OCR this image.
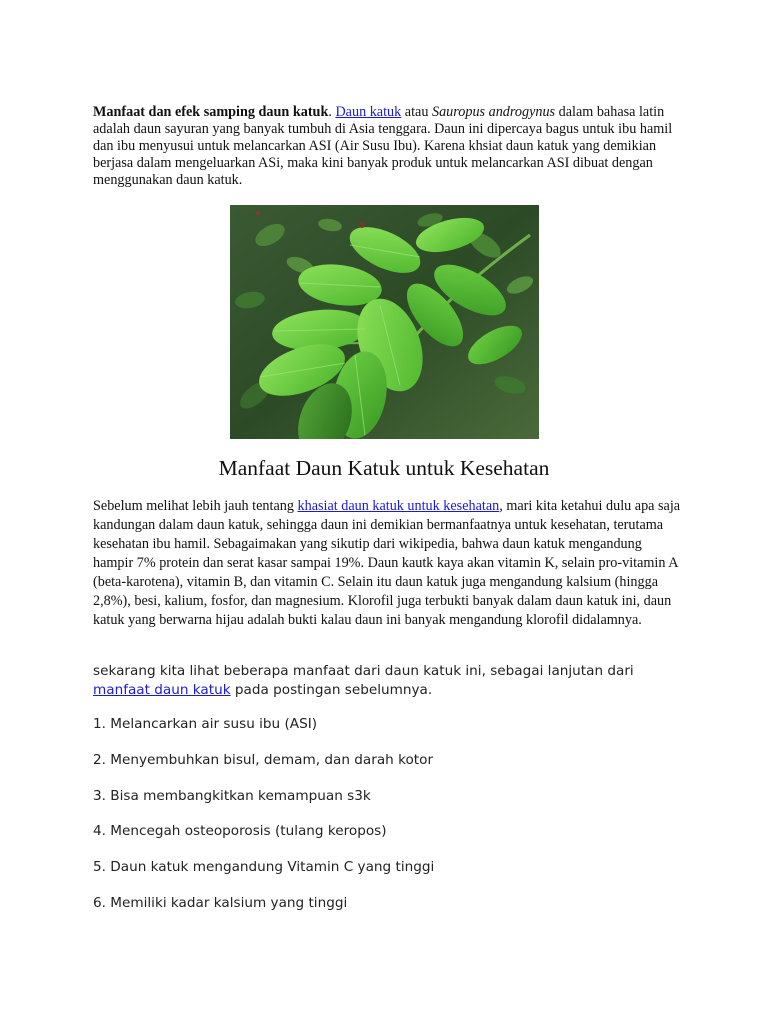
Manfaat dan efek samping daun katuk. Daun katuk atau Sauropus androgynus dalam bahasa latin adalah daun sayuran yang banyak tumbuh di Asia tenggara. Daun ini dipercaya bagus untuk ibu hamil dan ibu menyusui untuk melancarkan ASI (Air Susu Ibu). Karena khsiat daun katuk yang demikian berjasa dalam mengeluarkan ASi, maka kini banyak produk untuk melancarkan ASI dibuat dengan menggunakan daun katuk.

Manfaat Daun Katuk untuk Kesehatan

Sebelum melihat lebih jauh tentang khasiat daun katuk untuk kesehatan, mari kita ketahui dulu apa saja kandungan dalam daun katuk, sehingga daun ini demikian bermanfaatnya untuk kesehatan, terutama kesehatan ibu hamil. Sebagaimakan yang sikutip dari wikipedia, bahwa daun katuk mengandung hampir 7% protein dan serat kasar sampai 19%. Daun kautk kaya akan vitamin K, selain pro-vitamin A (beta-karotena), vitamin B, dan vitamin C. Selain itu daun katuk juga mengandung kalsium (hingga 2,8%), besi, kalium, fosfor, dan magnesium. Klorofil juga terbukti banyak dalam daun katuk ini, daun katuk yang berwarna hijau adalah bukti kalau daun ini banyak mengandung klorofil didalamnya.

sekarang kita lihat beberapa manfaat dari daun katuk ini, sebagai lanjutan dari manfaat daun katuk pada postingan sebelumnya.

1. Melancarkan air susu ibu (ASI)
2. Menyembuhkan bisul, demam, dan darah kotor
3. Bisa membangkitkan kemampuan s3k
4. Mencegah osteoporosis (tulang keropos)
5. Daun katuk mengandung Vitamin C yang tinggi
6. Memiliki kadar kalsium yang tinggi
